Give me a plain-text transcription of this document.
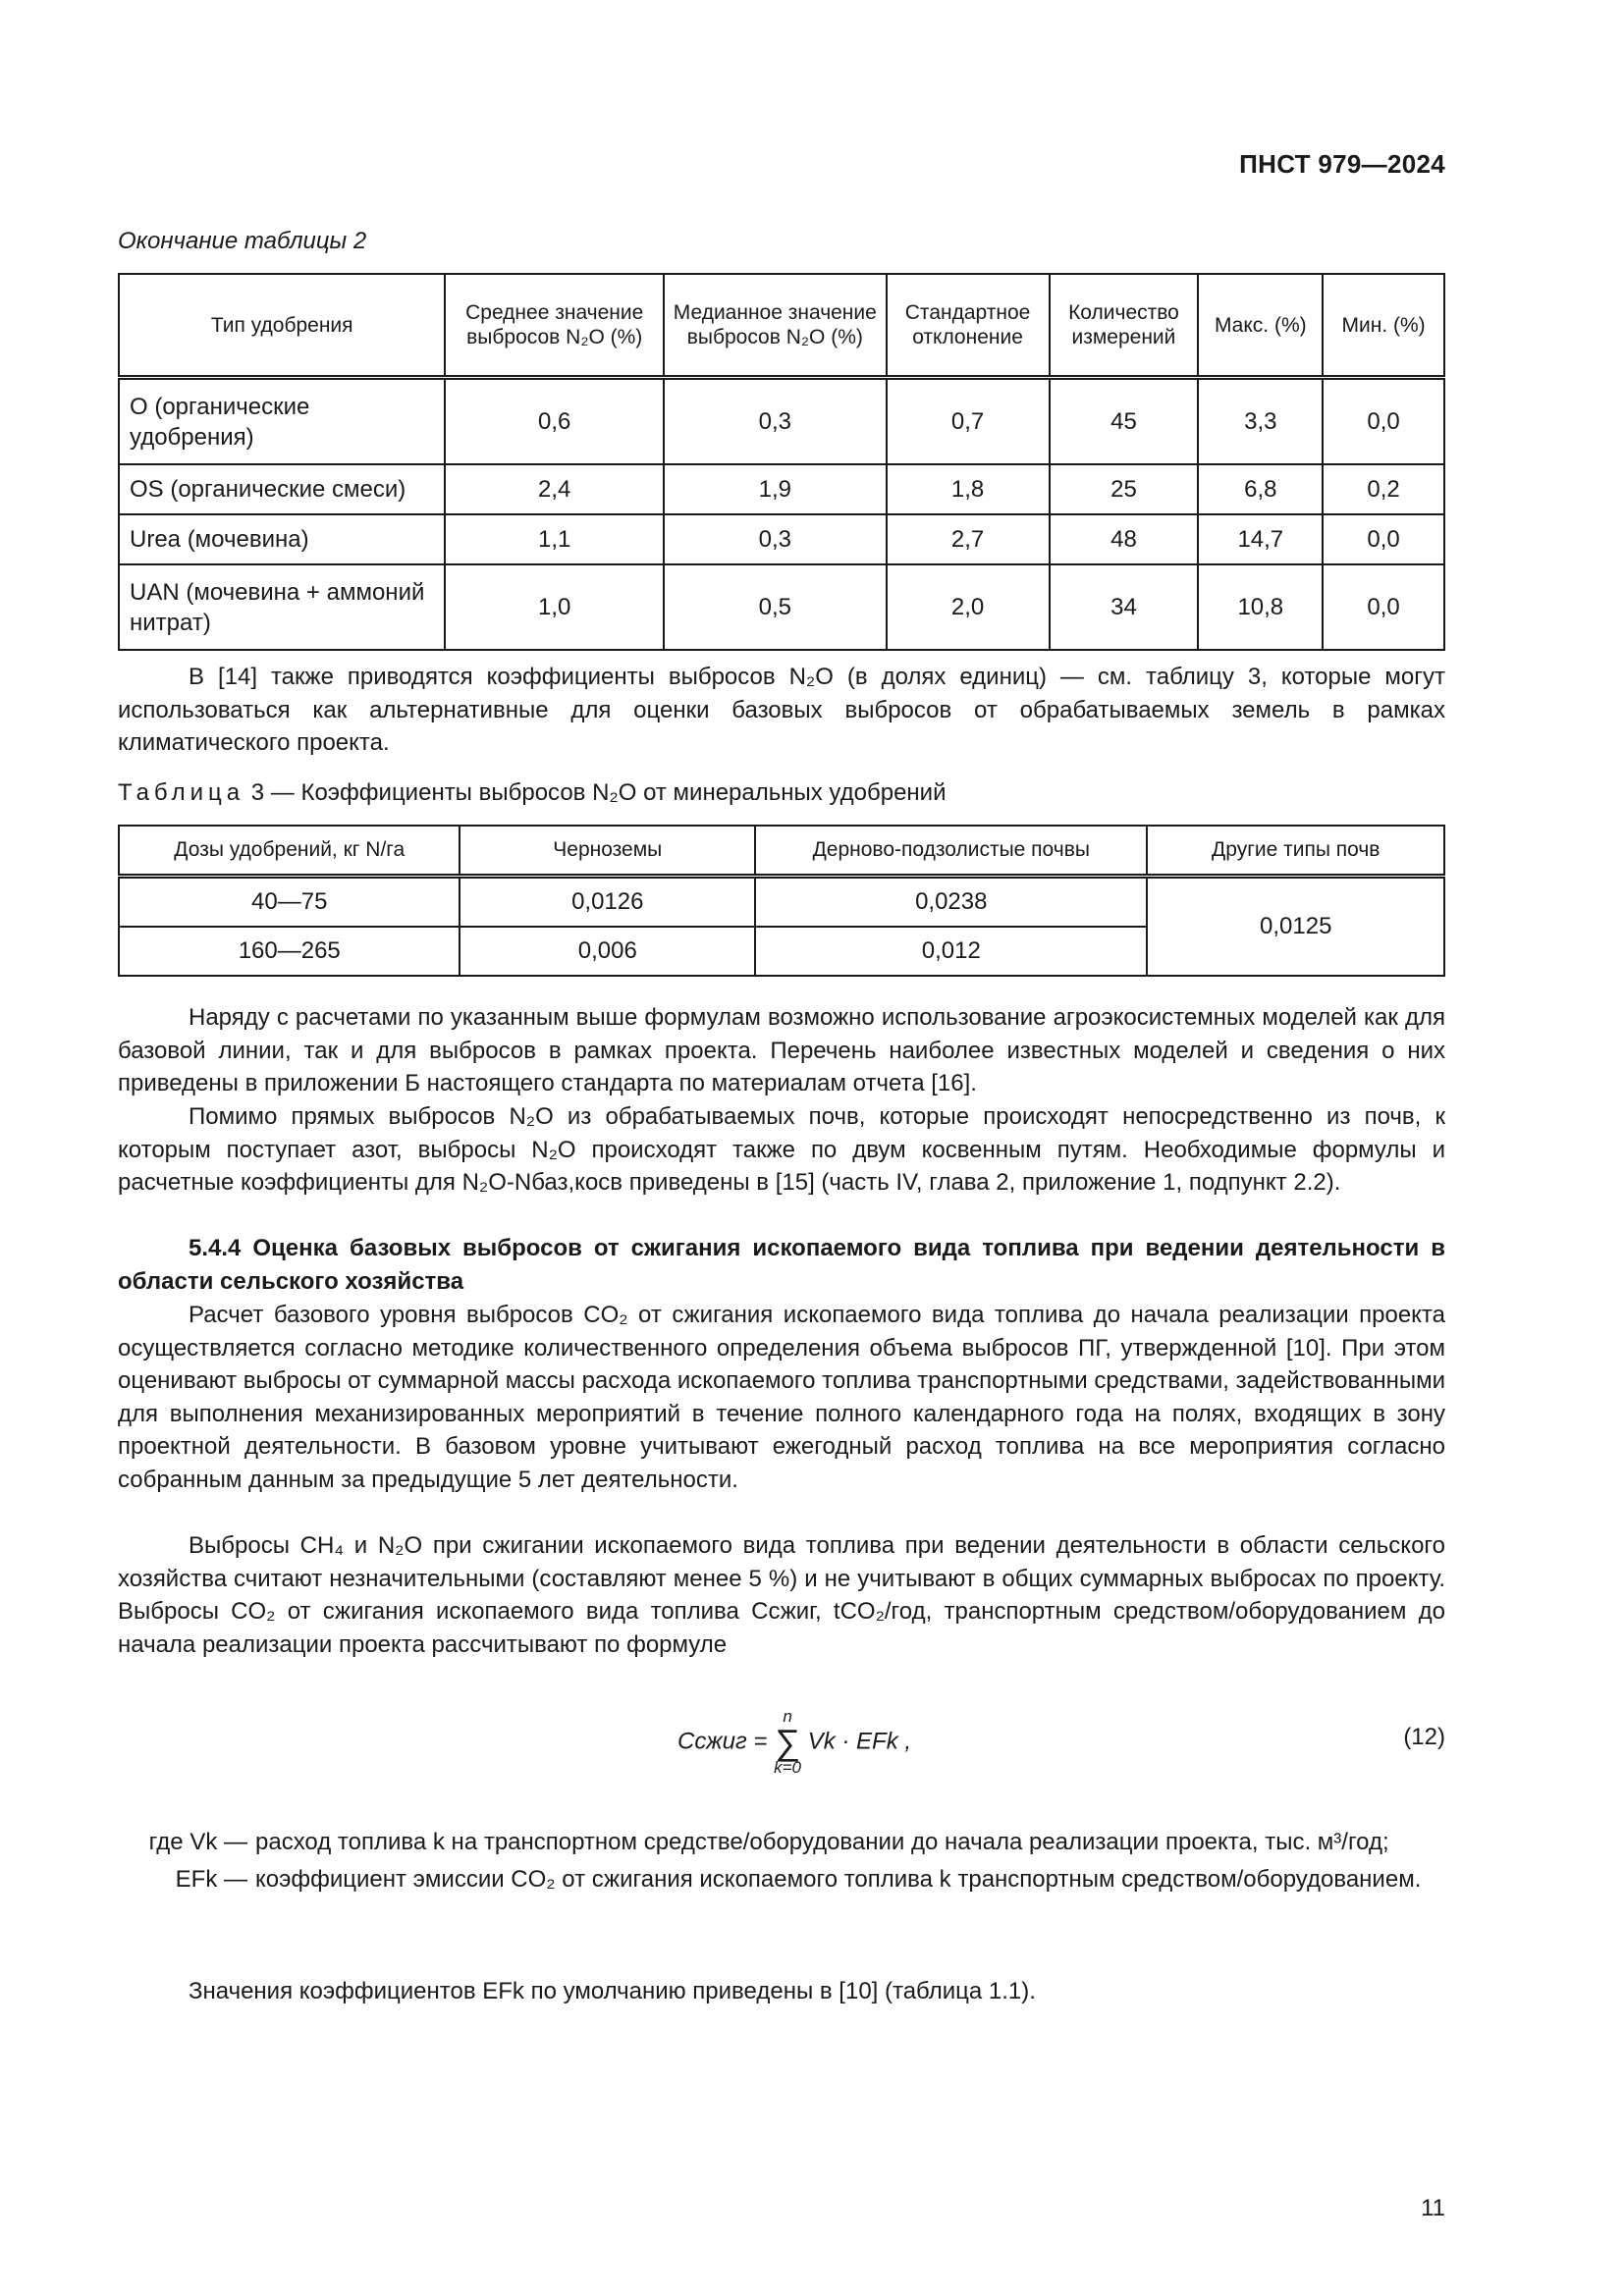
ПНСТ 979—2024
Окончание таблицы 2
Тип удобрения	Среднее значение выбросов N₂O (%)	Медианное значение выбросов N₂O (%)	Стандартное отклонение	Количество измерений	Макс. (%)	Мин. (%)
O (органические удобрения)	0,6	0,3	0,7	45	3,3	0,0
OS (органические смеси)	2,4	1,9	1,8	25	6,8	0,2
Urea (мочевина)	1,1	0,3	2,7	48	14,7	0,0
UAN (мочевина + аммоний нитрат)	1,0	0,5	2,0	34	10,8	0,0
В [14] также приводятся коэффициенты выбросов N₂O (в долях единиц) — см. таблицу 3, которые могут использоваться как альтернативные для оценки базовых выбросов от обрабатываемых земель в рамках климатического проекта.
Таблица 3 — Коэффициенты выбросов N₂O от минеральных удобрений
Дозы удобрений, кг N/га	Черноземы	Дерново-подзолистые почвы	Другие типы почв
40—75	0,0126	0,0238	0,0125
160—265	0,006	0,012	
Наряду с расчетами по указанным выше формулам возможно использование агроэкосистемных моделей как для базовой линии, так и для выбросов в рамках проекта. Перечень наиболее известных моделей и сведения о них приведены в приложении Б настоящего стандарта по материалам отчета [16].
Помимо прямых выбросов N₂O из обрабатываемых почв, которые происходят непосредственно из почв, к которым поступает азот, выбросы N₂O происходят также по двум косвенным путям. Необходимые формулы и расчетные коэффициенты для N₂O-Nбаз,косв приведены в [15] (часть IV, глава 2, приложение 1, подпункт 2.2).
5.4.4 Оценка базовых выбросов от сжигания ископаемого вида топлива при ведении деятельности в области сельского хозяйства
Расчет базового уровня выбросов CO₂ от сжигания ископаемого вида топлива до начала реализации проекта осуществляется согласно методике количественного определения объема выбросов ПГ, утвержденной [10]. При этом оценивают выбросы от суммарной массы расхода ископаемого топлива транспортными средствами, задействованными для выполнения механизированных мероприятий в течение полного календарного года на полях, входящих в зону проектной деятельности. В базовом уровне учитывают ежегодный расход топлива на все мероприятия согласно собранным данным за предыдущие 5 лет деятельности.
Выбросы CH₄ и N₂O при сжигании ископаемого вида топлива при ведении деятельности в области сельского хозяйства считают незначительными (составляют менее 5 %) и не учитывают в общих суммарных выбросах по проекту. Выбросы CO₂ от сжигания ископаемого вида топлива Cсжиг, tCO₂/год, транспортным средством/оборудованием до начала реализации проекта рассчитывают по формуле
Cсжиг =
n
∑
k=0
Vk · EFk ,	(12)
где Vk — расход топлива k на транспортном средстве/оборудовании до начала реализации проекта, тыс. м³/год;
EFk — коэффициент эмиссии CO₂ от сжигания ископаемого топлива k транспортным средством/оборудованием.
Значения коэффициентов EFk по умолчанию приведены в [10] (таблица 1.1).
11
